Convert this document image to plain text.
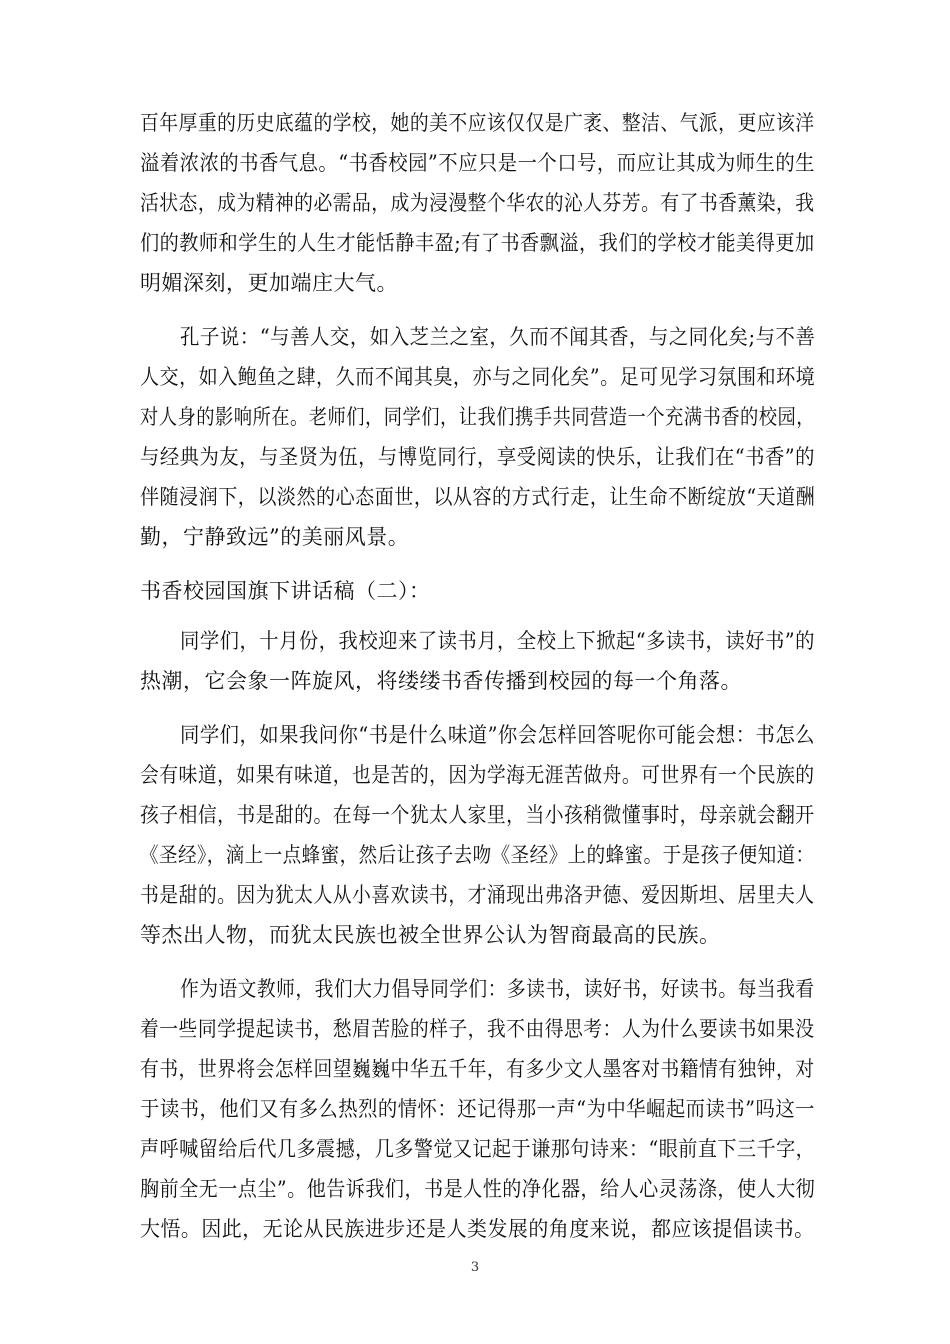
百年厚重的历史底蕴的学校，她的美不应该仅仅是广袤、整洁、气派，更应该洋
溢着浓浓的书香气息。“书香校园”不应只是一个口号，而应让其成为师生的生
活状态，成为精神的必需品，成为浸漫整个华农的沁人芬芳。有了书香薰染，我
们的教师和学生的人生才能恬静丰盈;有了书香飘溢，我们的学校才能美得更加
明媚深刻，更加端庄大气。
孔子说：“与善人交，如入芝兰之室，久而不闻其香，与之同化矣;与不善
人交，如入鲍鱼之肆，久而不闻其臭，亦与之同化矣”。足可见学习氛围和环境
对人身的影响所在。老师们，同学们，让我们携手共同营造一个充满书香的校园，
与经典为友，与圣贤为伍，与博览同行，享受阅读的快乐，让我们在“书香”的
伴随浸润下，以淡然的心态面世，以从容的方式行走，让生命不断绽放“天道酬
勤，宁静致远”的美丽风景。
书香校园国旗下讲话稿（二）：
同学们，十月份，我校迎来了读书月，全校上下掀起“多读书，读好书”的
热潮，它会象一阵旋风，将缕缕书香传播到校园的每一个角落。
同学们，如果我问你“书是什么味道”你会怎样回答呢你可能会想：书怎么
会有味道，如果有味道，也是苦的，因为学海无涯苦做舟。可世界有一个民族的
孩子相信，书是甜的。在每一个犹太人家里，当小孩稍微懂事时，母亲就会翻开
《圣经》，滴上一点蜂蜜，然后让孩子去吻《圣经》上的蜂蜜。于是孩子便知道：
书是甜的。因为犹太人从小喜欢读书，才涌现出弗洛尹德、爱因斯坦、居里夫人
等杰出人物，而犹太民族也被全世界公认为智商最高的民族。
作为语文教师，我们大力倡导同学们：多读书，读好书，好读书。每当我看
着一些同学提起读书，愁眉苦脸的样子，我不由得思考：人为什么要读书如果没
有书，世界将会怎样回望巍巍中华五千年，有多少文人墨客对书籍情有独钟，对
于读书，他们又有多么热烈的情怀：还记得那一声“为中华崛起而读书”吗这一
声呼喊留给后代几多震撼，几多警觉又记起于谦那句诗来：“眼前直下三千字，
胸前全无一点尘”。他告诉我们，书是人性的净化器，给人心灵荡涤，使人大彻
大悟。因此，无论从民族进步还是人类发展的角度来说，都应该提倡读书。
3
